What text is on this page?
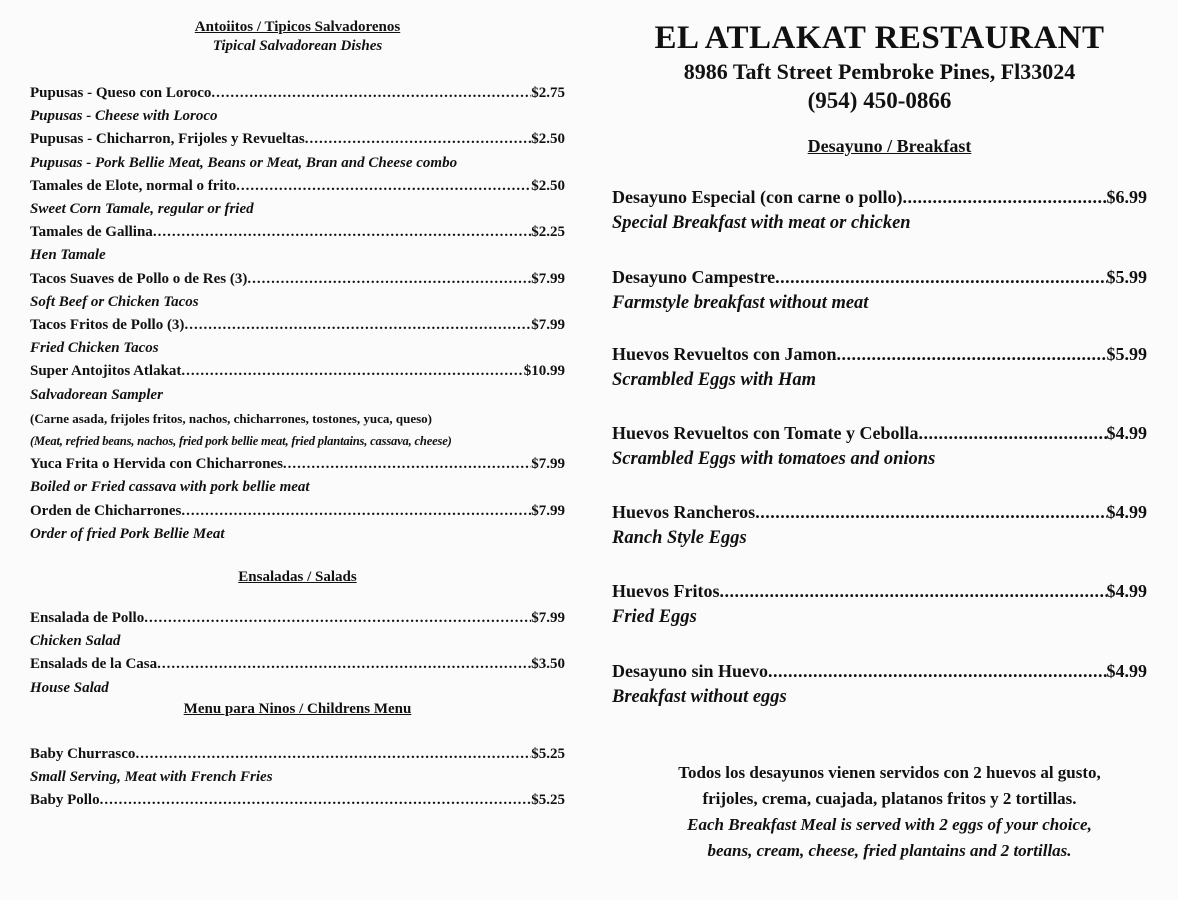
Antoiitos / Tipicos Salvadorenos
Tipical Salvadorean Dishes
Pupusas - Queso con Loroco .....	$2.75
Pupusas - Cheese with Loroco
Pupusas - Chicharron, Frijoles y Revueltas .....	$2.50
Pupusas - Pork Bellie Meat, Beans or Meat, Bran and Cheese combo
Tamales de Elote, normal o frito .....	$2.50
Sweet Corn Tamale, regular or fried
Tamales de Gallina .....	$2.25
Hen Tamale
Tacos Suaves de Pollo o de Res (3) .....	$7.99
Soft Beef or Chicken Tacos
Tacos Fritos de Pollo (3) .....	$7.99
Fried Chicken Tacos
Super Antojitos Atlakat .....	$10.99
Salvadorean Sampler
(Carne asada, frijoles fritos, nachos, chicharrones, tostones, yuca, queso)
(Meat, refried beans, nachos, fried pork bellie meat, fried plantains, cassava, cheese)
Yuca Frita o Hervida con Chicharrones .....	$7.99
Boiled or Fried cassava with pork bellie meat
Orden de Chicharrones .....	$7.99
Order of fried Pork Bellie Meat
Ensaladas / Salads
Ensalada de Pollo .....	$7.99
Chicken Salad
Ensalads de la Casa .....	$3.50
House Salad
Menu para Ninos / Childrens Menu
Baby Churrasco .....	$5.25
Small Serving, Meat with French Fries
Baby Pollo .....	$5.25
EL ATLAKAT RESTAURANT
8986 Taft Street Pembroke Pines, Fl33024
(954) 450-0866
Desayuno / Breakfast
Desayuno Especial (con carne o pollo) .....	$6.99
Special Breakfast with meat or chicken
Desayuno Campestre .....	$5.99
Farmstyle breakfast without meat
Huevos Revueltos con Jamon .....	$5.99
Scrambled Eggs with Ham
Huevos Revueltos con Tomate y Cebolla .....	$4.99
Scrambled Eggs with tomatoes and onions
Huevos Rancheros .....	$4.99
Ranch Style Eggs
Huevos Fritos .....	$4.99
Fried Eggs
Desayuno sin Huevo .....	$4.99
Breakfast without eggs
Todos los desayunos vienen servidos con 2 huevos al gusto,
frijoles, crema, cuajada, platanos fritos y 2 tortillas.
Each Breakfast Meal is served with 2 eggs of your choice,
beans, cream, cheese, fried plantains and 2 tortillas.
